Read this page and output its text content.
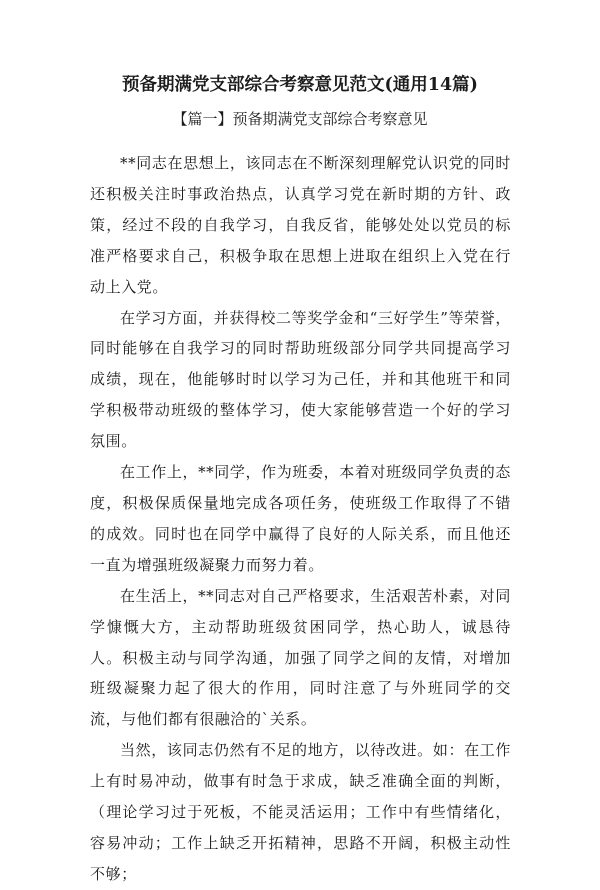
预备期满党支部综合考察意见范文(通用14篇)
【篇一】预备期满党支部综合考察意见

**同志在思想上，该同志在不断深刻理解党认识党的同时还积极关注时事政治热点，认真学习党在新时期的方针、政策，经过不段的自我学习，自我反省，能够处处以党员的标准严格要求自己，积极争取在思想上进取在组织上入党在行动上入党。

在学习方面，并获得校二等奖学金和“三好学生”等荣誉，同时能够在自我学习的同时帮助班级部分同学共同提高学习成绩，现在，他能够时时以学习为己任，并和其他班干和同学积极带动班级的整体学习，使大家能够营造一个好的学习氛围。

在工作上，**同学，作为班委，本着对班级同学负责的态度，积极保质保量地完成各项任务，使班级工作取得了不错的成效。同时也在同学中赢得了良好的人际关系，而且他还一直为增强班级凝聚力而努力着。

在生活上，**同志对自己严格要求，生活艰苦朴素，对同学慷慨大方，主动帮助班级贫困同学，热心助人，诚恳待人。积极主动与同学沟通，加强了同学之间的友情，对增加班级凝聚力起了很大的作用，同时注意了与外班同学的交流，与他们都有很融洽的`关系。

当然，该同志仍然有不足的地方，以待改进。如：在工作上有时易冲动，做事有时急于求成，缺乏准确全面的判断，（理论学习过于死板，不能灵活运用；工作中有些情绪化，容易冲动；工作上缺乏开拓精神，思路不开阔，积极主动性不够；
